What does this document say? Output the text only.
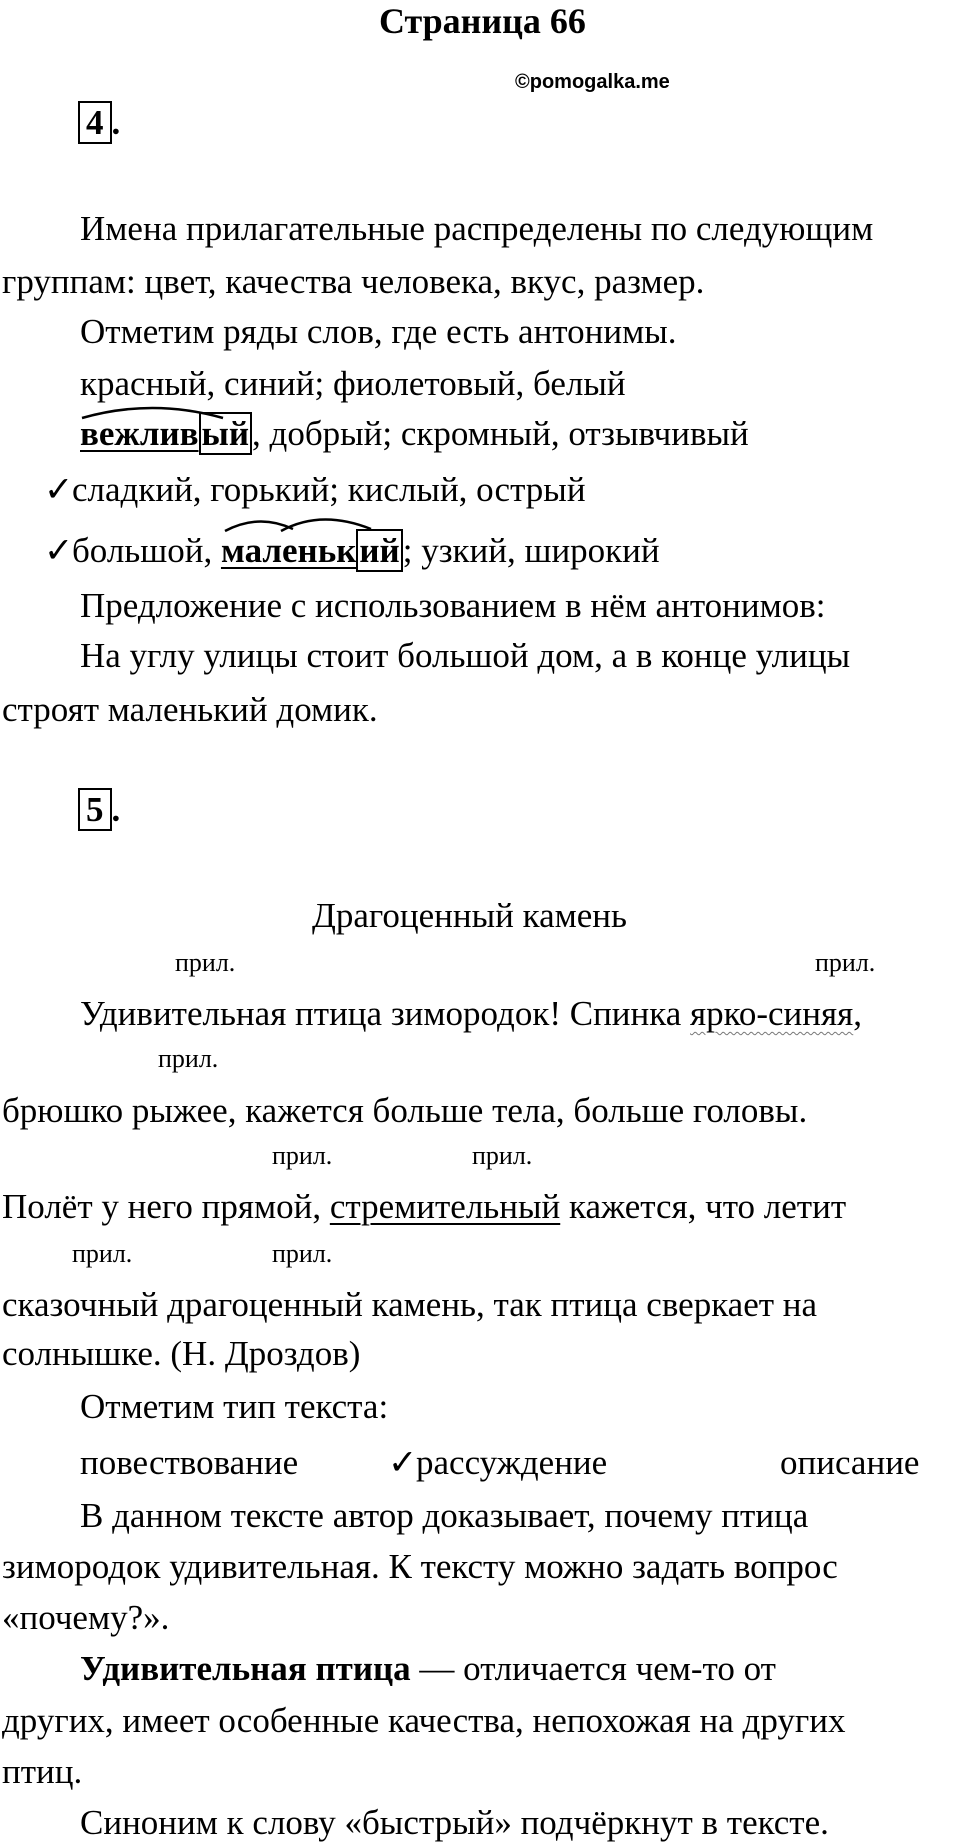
Страница 66
©pomogalka.me
4 .
Имена прилагательные распределены по следующим
группам: цвет, качества человека, вкус, размер.
Отметим ряды слов, где есть антонимы.
красный, синий; фиолетовый, белый
вежливый, добрый; скромный, отзывчивый
✓сладкий, горький; кислый, острый
✓большой,
маленький; узкий, широкий
Предложение с использованием в нём антонимов:
На углу улицы стоит большой дом, а в конце улицы
строят маленький домик.
5 .
Драгоценный камень
прил.	прил.
Удивительная птица зимородок! Спинка ярко-синяя,
прил.
брюшко рыжее, кажется больше тела, больше головы.
прил.	прил.
Полёт у него прямой, стремительный кажется, что летит
прил.	прил.
сказочный драгоценный камень, так птица сверкает на
солнышке. (Н. Дроздов)
Отметим тип текста:
повествование	✓рассуждение	описание
В данном тексте автор доказывает, почему птица
зимородок удивительная. К тексту можно задать вопрос
«почему?».
Удивительная птица — отличается чем-то от
других, имеет особенные качества, непохожая на других
птиц.
Синоним к слову «быстрый» подчёркнут в тексте.
